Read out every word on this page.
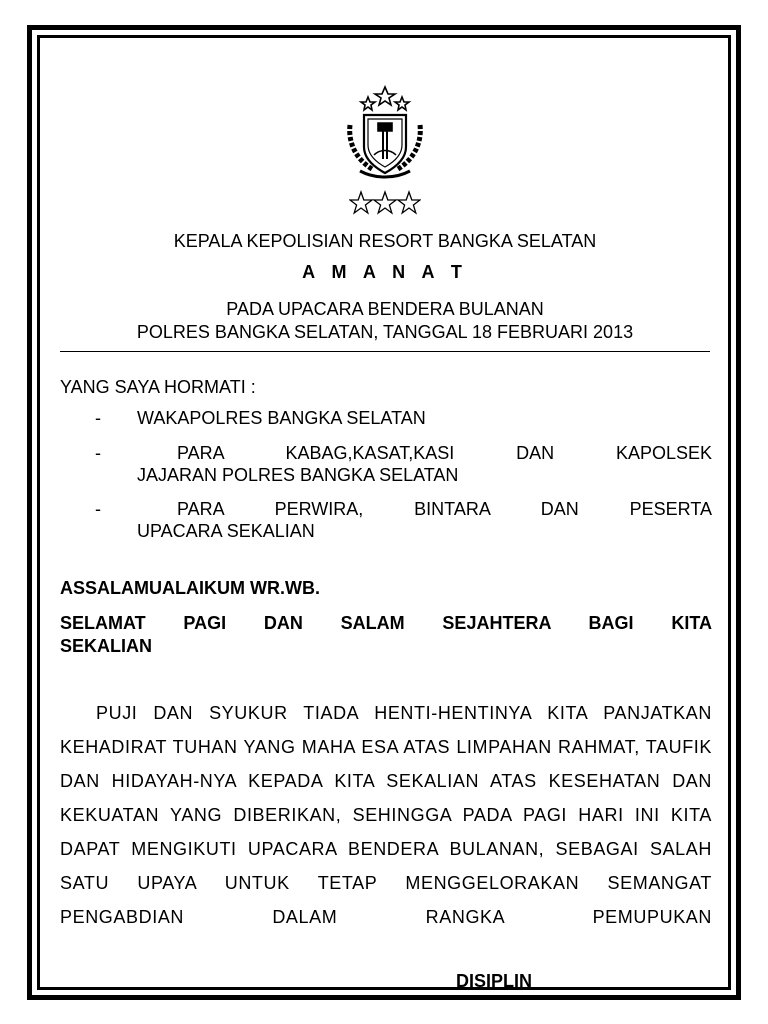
KEPALA KEPOLISIAN RESORT BANGKA SELATAN

A M A N A T

PADA UPACARA BENDERA BULANAN

POLRES BANGKA SELATAN, TANGGAL 18 FEBRUARI 2013

YANG SAYA HORMATI :

- WAKAPOLRES BANGKA SELATAN

-	PARA KABAG,KASAT,KASI DAN KAPOLSEK

JAJARAN POLRES BANGKA SELATAN

-	PARA PERWIRA, BINTARA DAN PESERTA

UPACARA SEKALIAN

ASSALAMUALAIKUM WR.WB.

SELAMAT PAGI DAN SALAM SEJAHTERA BAGI KITA

SEKALIAN

PUJI DAN SYUKUR TIADA HENTI-HENTINYA KITA PANJATKAN KEHADIRAT TUHAN YANG MAHA ESA ATAS LIMPAHAN RAHMAT, TAUFIK DAN HIDAYAH-NYA KEPADA KITA SEKALIAN ATAS KESEHATAN DAN KEKUATAN YANG DIBERIKAN, SEHINGGA PADA PAGI HARI INI KITA DAPAT MENGIKUTI UPACARA BENDERA BULANAN, SEBAGAI SALAH SATU UPAYA UNTUK TETAP MENGGELORAKAN SEMANGAT PENGABDIAN DALAM RANGKA PEMUPUKAN

DISIPLIN
